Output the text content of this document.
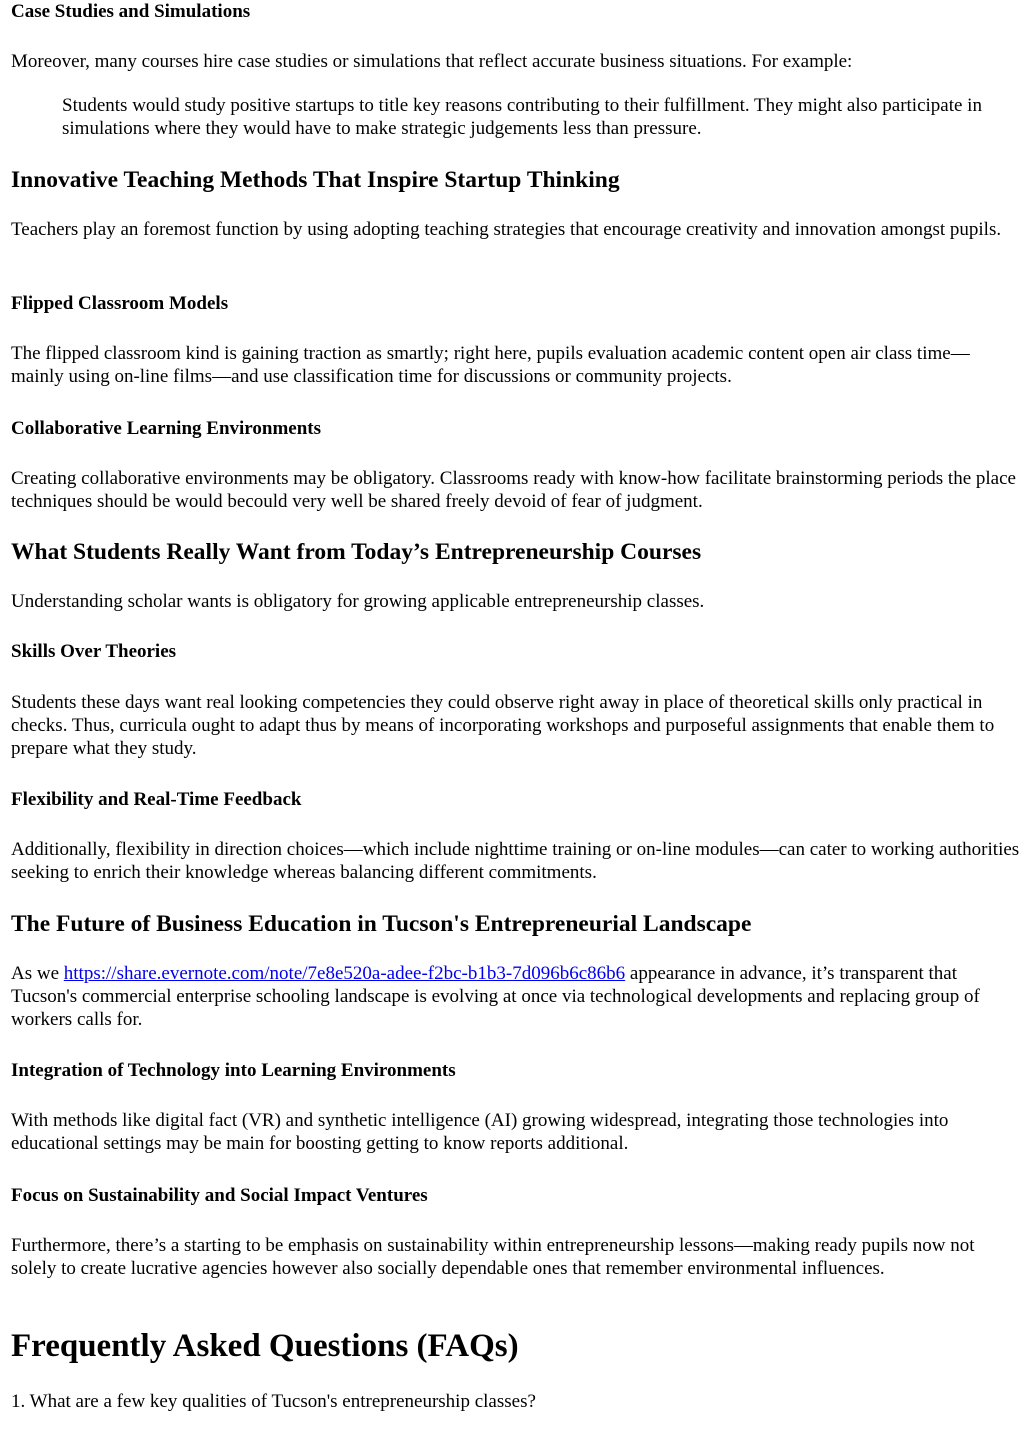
Case Studies and Simulations

Moreover, many courses hire case studies or simulations that reflect accurate business situations. For example:

Students would study positive startups to title key reasons contributing to their fulfillment. They might also participate in simulations where they would have to make strategic judgements less than pressure.
Innovative Teaching Methods That Inspire Startup Thinking

Teachers play an foremost function by using adopting teaching strategies that encourage creativity and innovation amongst pupils.

Flipped Classroom Models

The flipped classroom kind is gaining traction as smartly; right here, pupils evaluation academic content open air class time—mainly using on-line films—and use classification time for discussions or community projects.

Collaborative Learning Environments

Creating collaborative environments may be obligatory. Classrooms ready with know-how facilitate brainstorming periods the place techniques should be would becould very well be shared freely devoid of fear of judgment.

What Students Really Want from Today’s Entrepreneurship Courses

Understanding scholar wants is obligatory for growing applicable entrepreneurship classes.

Skills Over Theories

Students these days want real looking competencies they could observe right away in place of theoretical skills only practical in checks. Thus, curricula ought to adapt thus by means of incorporating workshops and purposeful assignments that enable them to prepare what they study.

Flexibility and Real-Time Feedback

Additionally, flexibility in direction choices—which include nighttime training or on-line modules—can cater to working authorities seeking to enrich their knowledge whereas balancing different commitments.

The Future of Business Education in Tucson's Entrepreneurial Landscape

As we https://share.evernote.com/note/7e8e520a-adee-f2bc-b1b3-7d096b6c86b6 appearance in advance, it’s transparent that Tucson's commercial enterprise schooling landscape is evolving at once via technological developments and replacing group of workers calls for.

Integration of Technology into Learning Environments

With methods like digital fact (VR) and synthetic intelligence (AI) growing widespread, integrating those technologies into educational settings may be main for boosting getting to know reports additional.

Focus on Sustainability and Social Impact Ventures

Furthermore, there’s a starting to be emphasis on sustainability within entrepreneurship lessons—making ready pupils now not solely to create lucrative agencies however also socially dependable ones that remember environmental influences.

Frequently Asked Questions (FAQs)

1. What are a few key qualities of Tucson's entrepreneurship classes?
